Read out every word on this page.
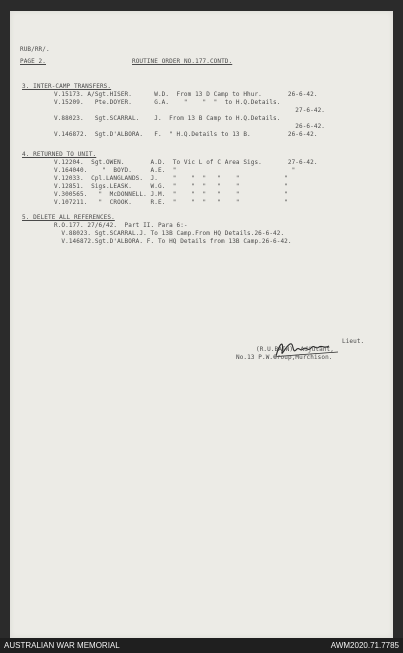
RUB/RR/.
PAGE 2.	ROUTINE ORDER NO.177.CONTD.
3. INTER-CAMP TRANSFERS.
V.15173. A/Sgt.HISER.      W.D.  From 13 D Camp to Hhur.       26-6-42.
V.15209.   Pte.DOYER.      G.A.    "    "  "  to H.Q.Details.
27-6-42.
V.88023.   Sgt.SCARRAL.    J.  From 13 B Camp to H.Q.Details.
26-6-42.
V.146872.  Sgt.D'ALBORA.   F.  " H.Q.Details to 13 B.          26-6-42.
4. RETURNED TO UNIT.
V.12204.  Sgt.OWEN.       A.D.  To Vic L of C Area Sigs.       27-6-42.
V.164040.    "  BOYD.     A.E.  "                               "
V.12033.  Cpl.LANGLANDS.  J.    "    "  "   "    "            "
V.12851.  Sigs.LEASK.     W.G.  "    "  "   "    "            "
V.300565.   "  McDONNELL. J.M.  "    "  "   "    "            "
V.107211.   "  CROOK.     R.E.  "    "  "   "    "            "
5. DELETE ALL REFERENCES.
R.O.177. 27/6/42.  Part II. Para 6:-
V.88023. Sgt.SCARRAL.J. To 13B Camp.From HQ Details.26-6-42.
V.146872.Sgt.D'ALBORA. F. To HQ Details from 13B Camp.26-6-42.
Lieut.
(R.U.BAIN)  Adjutant,
No.13 P.W.Group,Murchison.
AUSTRALIAN WAR MEMORIAL	AWM2020.71.7785
